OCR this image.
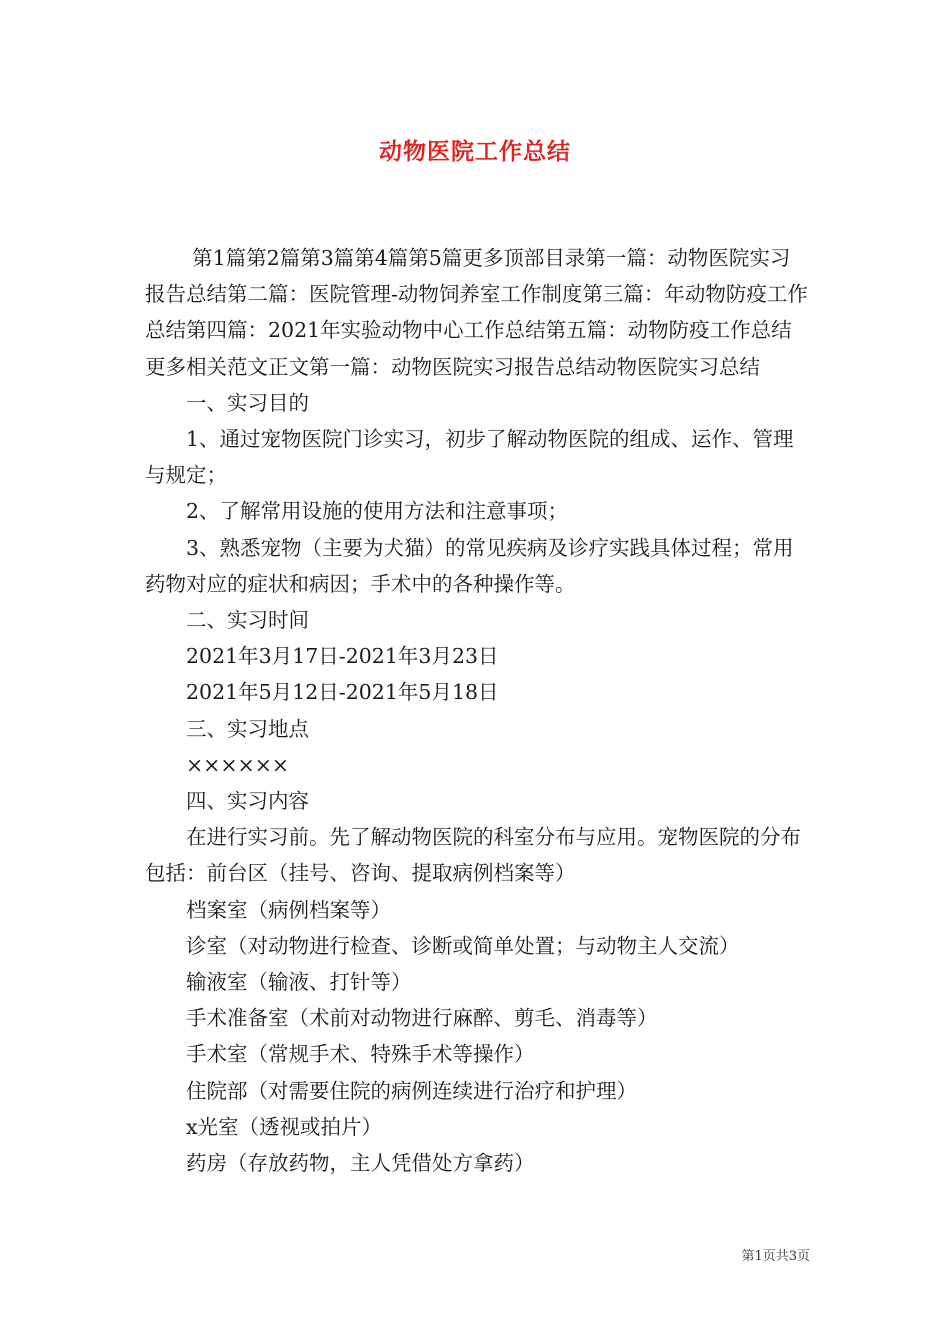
动物医院工作总结

第1篇第2篇第3篇第4篇第5篇更多顶部目录第一篇：动物医院实习报告总结第二篇：医院管理-动物饲养室工作制度第三篇：年动物防疫工作总结第四篇：2021年实验动物中心工作总结第五篇：动物防疫工作总结更多相关范文正文第一篇：动物医院实习报告总结动物医院实习总结

一、实习目的

1、通过宠物医院门诊实习，初步了解动物医院的组成、运作、管理与规定；

2、了解常用设施的使用方法和注意事项；

3、熟悉宠物（主要为犬猫）的常见疾病及诊疗实践具体过程；常用药物对应的症状和病因；手术中的各种操作等。

二、实习时间

2021年3月17日-2021年3月23日

2021年5月12日-2021年5月18日

三、实习地点

××××××

四、实习内容

在进行实习前。先了解动物医院的科室分布与应用。宠物医院的分布包括：前台区（挂号、咨询、提取病例档案等）

档案室（病例档案等）

诊室（对动物进行检查、诊断或简单处置；与动物主人交流）

输液室（输液、打针等）

手术准备室（术前对动物进行麻醉、剪毛、消毒等）

手术室（常规手术、特殊手术等操作）

住院部（对需要住院的病例连续进行治疗和护理）

x光室（透视或拍片）

药房（存放药物，主人凭借处方拿药）

第1页共3页
